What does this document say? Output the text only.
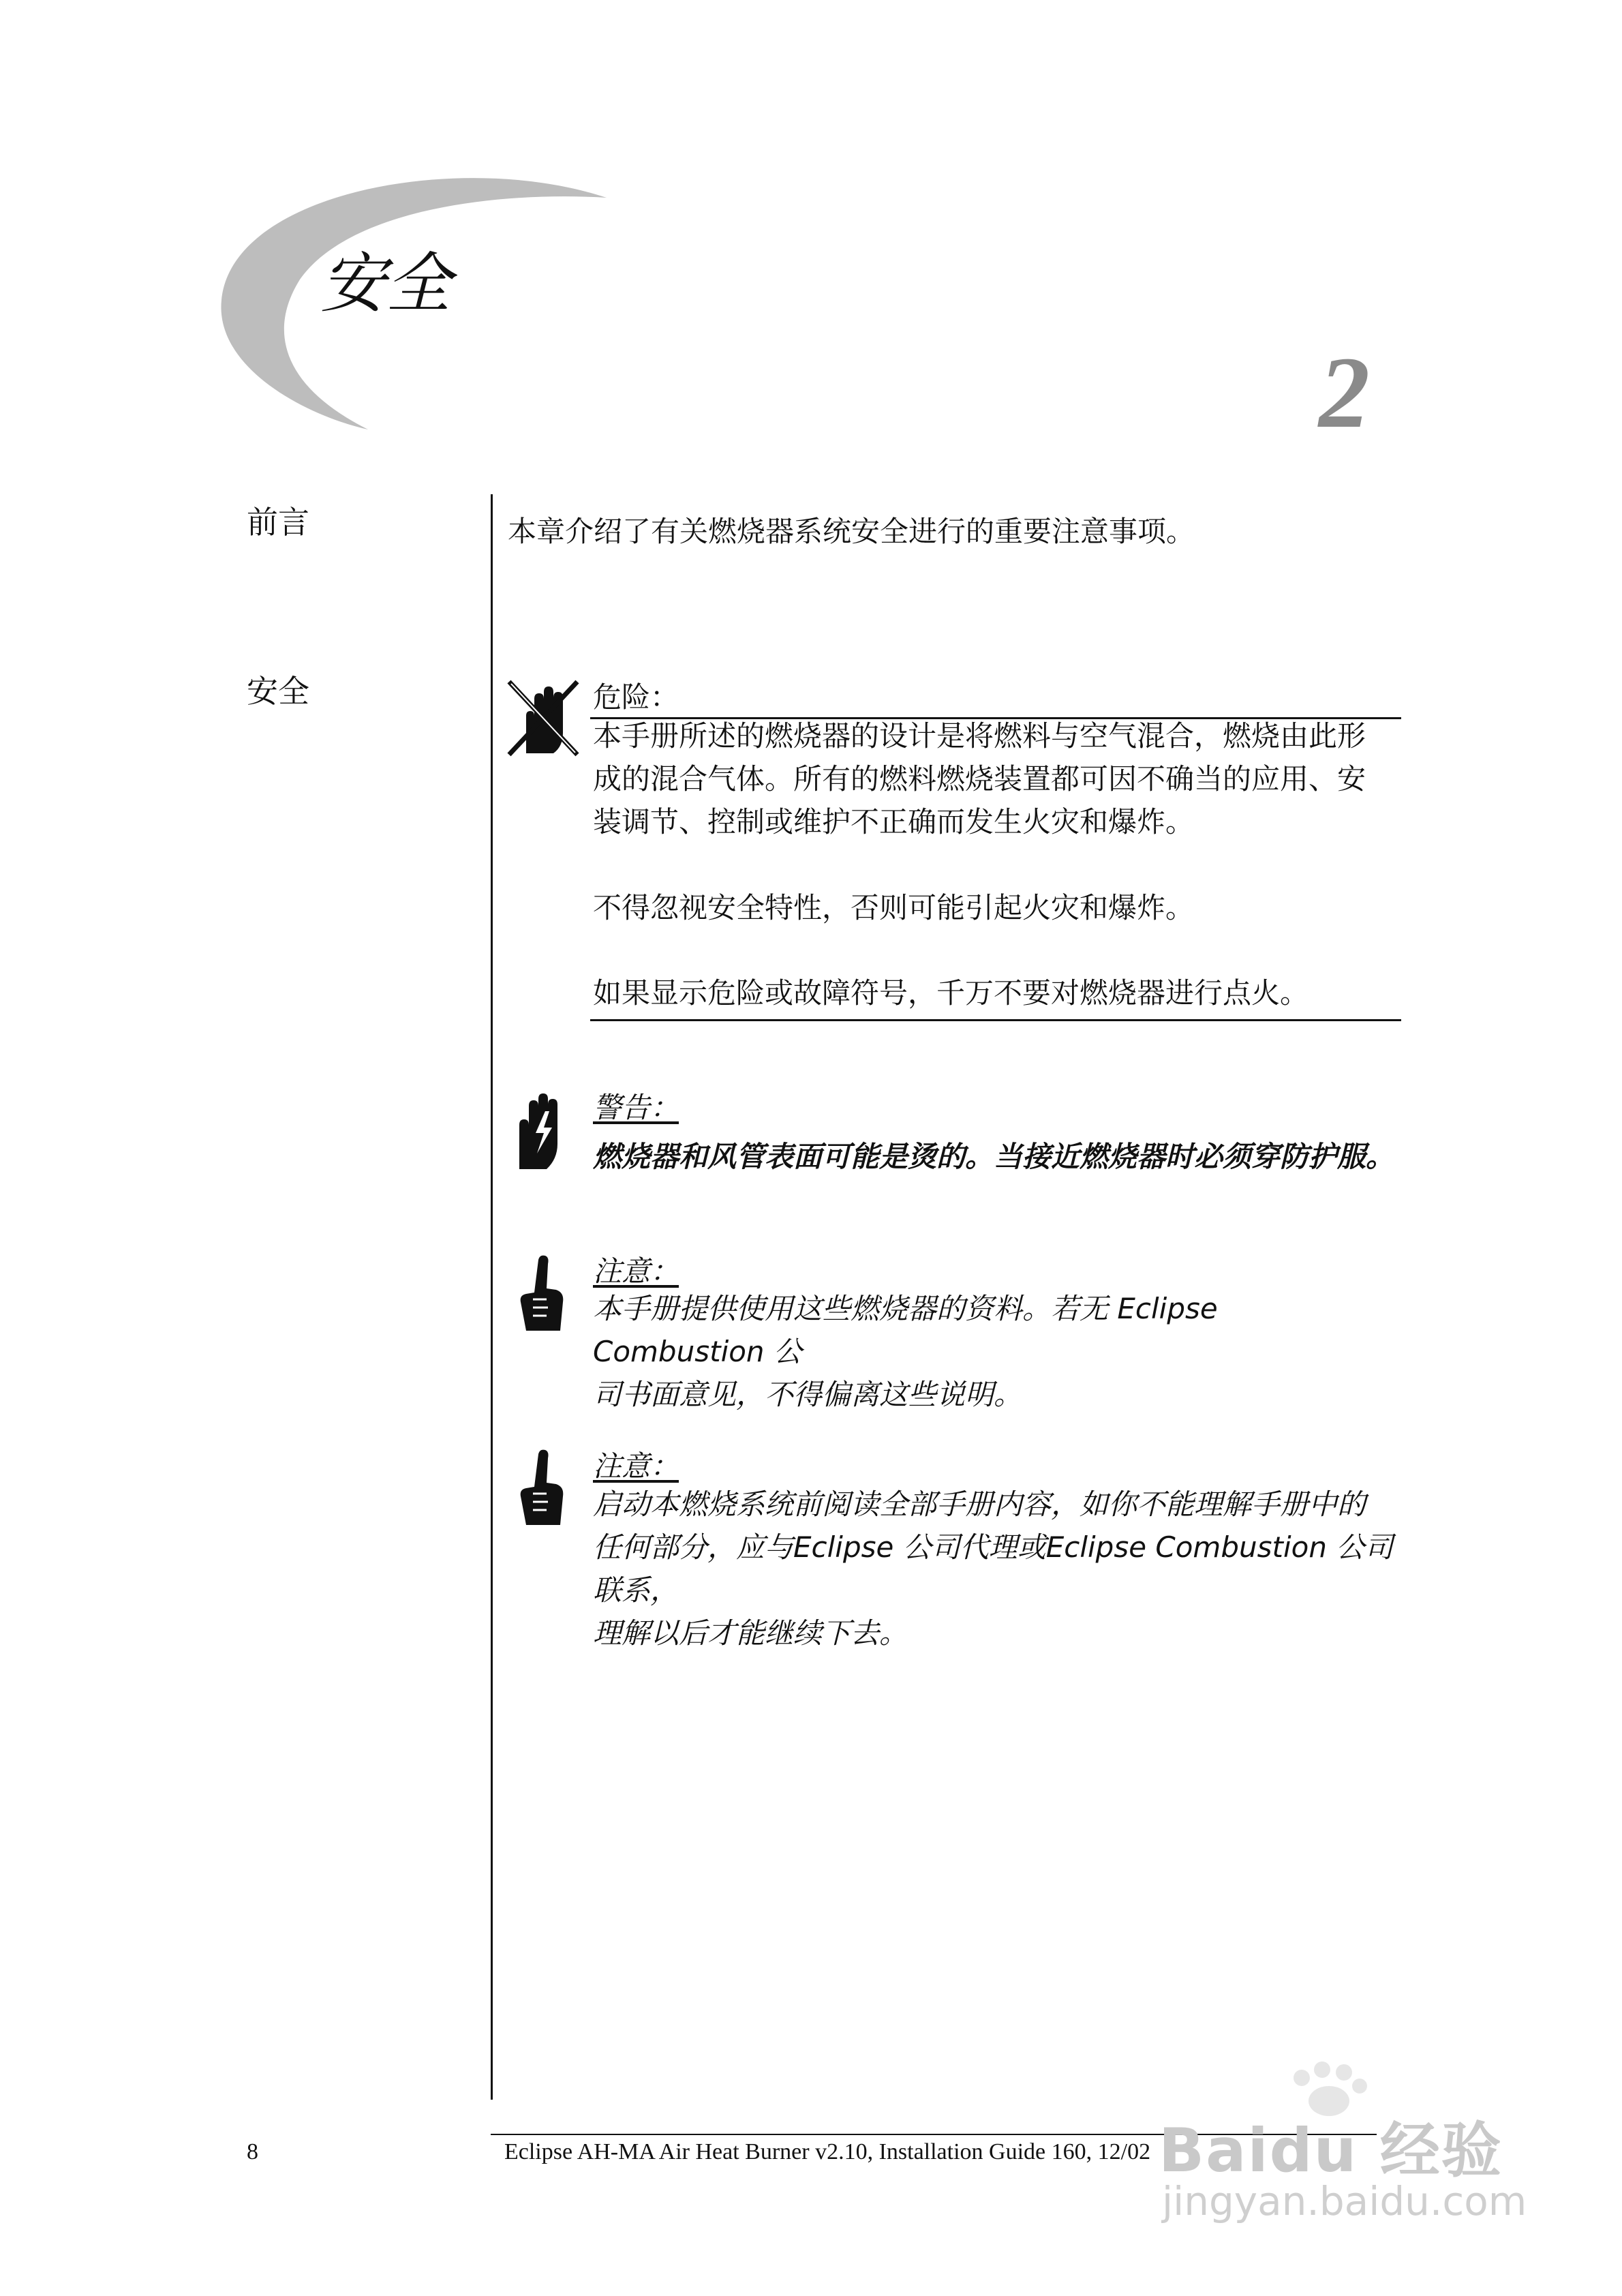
安全
2
前言	本章介绍了有关燃烧器系统安全进行的重要注意事项。
安全	危险：
本手册所述的燃烧器的设计是将燃料与空气混合，燃烧由此形
成的混合气体。所有的燃料燃烧装置都可因不确当的应用、安
装调节、控制或维护不正确而发生火灾和爆炸。
不得忽视安全特性，否则可能引起火灾和爆炸。
如果显示危险或故障符号，千万不要对燃烧器进行点火。
警告：
燃烧器和风管表面可能是烫的。当接近燃烧器时必须穿防护服。
注意：
本手册提供使用这些燃烧器的资料。若无 Eclipse Combustion 公
司书面意见，不得偏离这些说明。
注意：
启动本燃烧系统前阅读全部手册内容，如你不能理解手册中的
任何部分，应与Eclipse 公司代理或Eclipse Combustion 公司联系，
理解以后才能继续下去。
8	Eclipse AH-MA Air Heat Burner v2.10, Installation Guide 160, 12/02 Baidu 经验
jingyan.baidu.com
